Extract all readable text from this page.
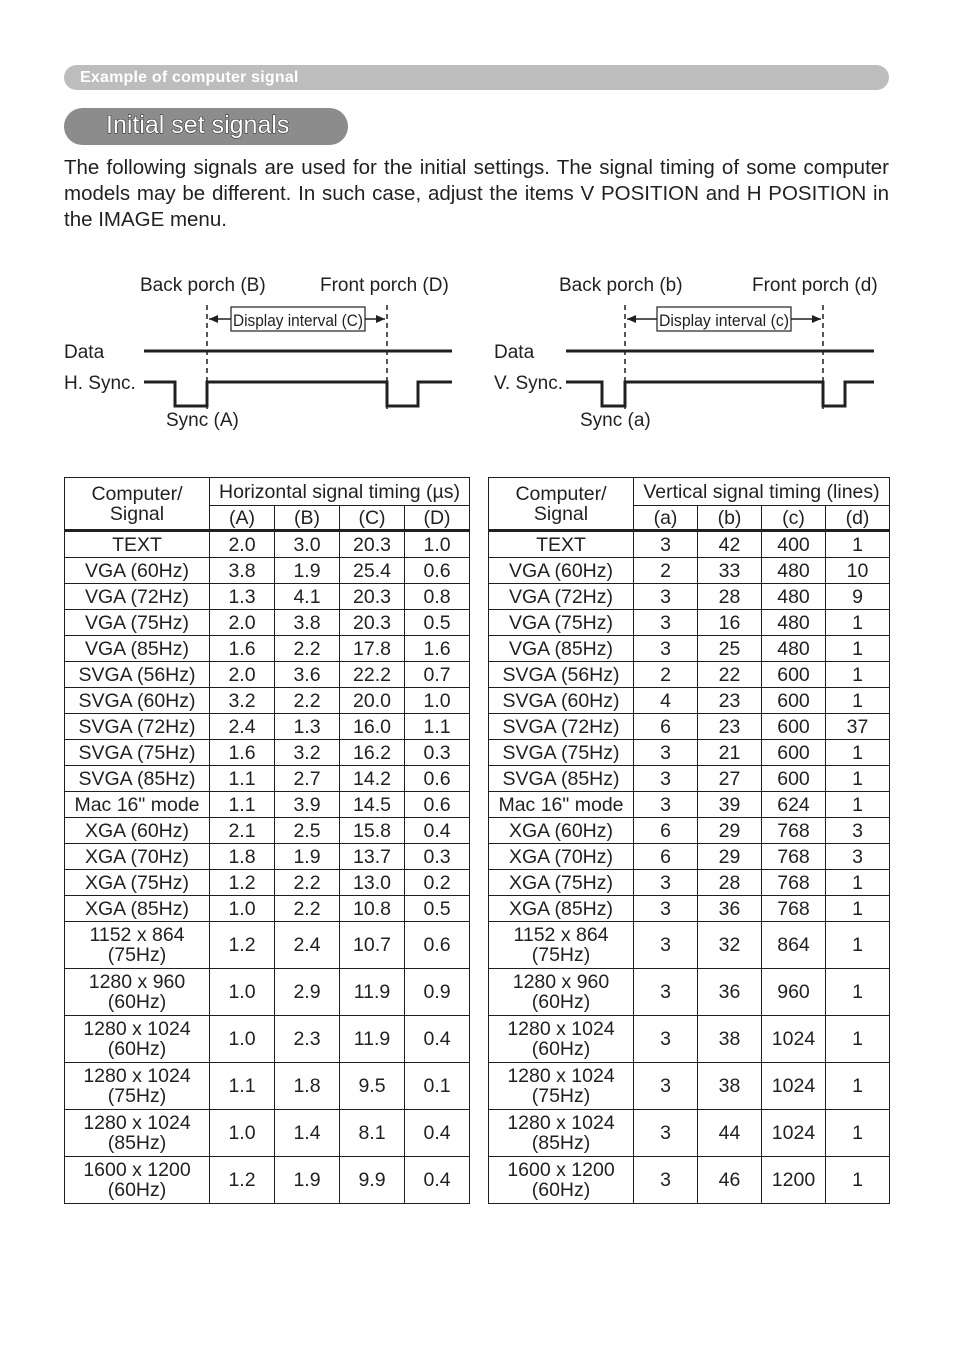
Example of computer signal
Initial set signals

The following signals are used for the initial settings. The signal timing of some computer models may be different. In such case, adjust the items V POSITION and H POSITION in the IMAGE menu.

Back porch (B)	Front porch (D)
Display interval (C)
Data
H. Sync.
Sync (A)
Back porch (b)	Front porch (d)
Display interval (c)
Data
V. Sync.
Sync (a)
Computer/
Signal	Horizontal signal timing (µs)			
	(A)	(B)	(C)	(D)

TEXT	2.0	3.0	20.3	1.0

VGA (60Hz)	3.8	1.9	25.4	0.6

VGA (72Hz)	1.3	4.1	20.3	0.8

VGA (75Hz)	2.0	3.8	20.3	0.5

VGA (85Hz)	1.6	2.2	17.8	1.6

SVGA (56Hz)	2.0	3.6	22.2	0.7

SVGA (60Hz)	3.2	2.2	20.0	1.0

SVGA (72Hz)	2.4	1.3	16.0	1.1

SVGA (75Hz)	1.6	3.2	16.2	0.3

SVGA (85Hz)	1.1	2.7	14.2	0.6

Mac 16" mode	1.1	3.9	14.5	0.6

XGA (60Hz)	2.1	2.5	15.8	0.4

XGA (70Hz)	1.8	1.9	13.7	0.3

XGA (75Hz)	1.2	2.2	13.0	0.2

XGA (85Hz)	1.0	2.2	10.8	0.5

1152 x 864
(75Hz)	1.2	2.4	10.7	0.6

1280 x 960
(60Hz)	1.0	2.9	11.9	0.9

1280 x 1024
(60Hz)	1.0	2.3	11.9	0.4

1280 x 1024
(75Hz)	1.1	1.8	9.5	0.1

1280 x 1024
(85Hz)	1.0	1.4	8.1	0.4

1600 x 1200
(60Hz)	1.2	1.9	9.9	0.4
Computer/
Signal	Vertical signal timing (lines)			
	(a)	(b)	(c)	(d)

TEXT	3	42	400	1

VGA (60Hz)	2	33	480	10

VGA (72Hz)	3	28	480	9

VGA (75Hz)	3	16	480	1

VGA (85Hz)	3	25	480	1

SVGA (56Hz)	2	22	600	1

SVGA (60Hz)	4	23	600	1

SVGA (72Hz)	6	23	600	37

SVGA (75Hz)	3	21	600	1

SVGA (85Hz)	3	27	600	1

Mac 16" mode	3	39	624	1

XGA (60Hz)	6	29	768	3

XGA (70Hz)	6	29	768	3

XGA (75Hz)	3	28	768	1

XGA (85Hz)	3	36	768	1

1152 x 864
(75Hz)	3	32	864	1

1280 x 960
(60Hz)	3	36	960	1

1280 x 1024
(60Hz)	3	38	1024	1

1280 x 1024
(75Hz)	3	38	1024	1

1280 x 1024
(85Hz)	3	44	1024	1

1600 x 1200
(60Hz)	3	46	1200	1
